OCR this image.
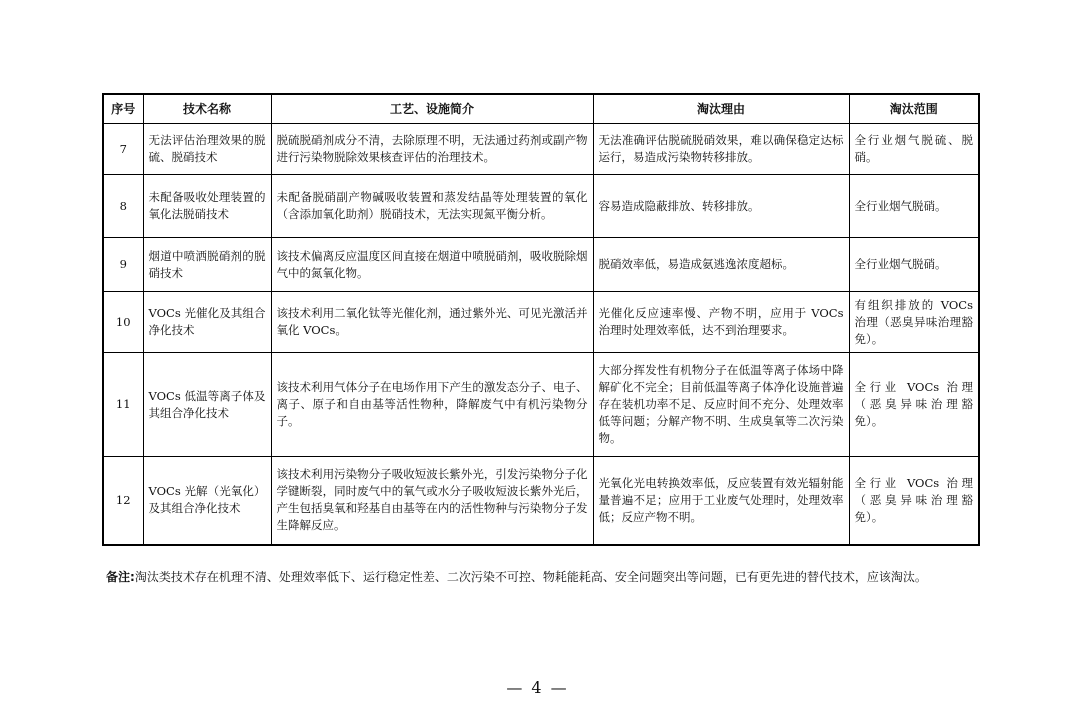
序号	技术名称	工艺、设施简介	淘汰理由	淘汰范围
7	无法评估治理效果的脱硫、脱硝技术	脱硫脱硝剂成分不清，去除原理不明，无法通过药剂或副产物进行污染物脱除效果核查评估的治理技术。	无法准确评估脱硫脱硝效果，难以确保稳定达标运行，易造成污染物转移排放。	全行业烟气脱硫、脱硝。
8	未配备吸收处理装置的氧化法脱硝技术	未配备脱硝副产物碱吸收装置和蒸发结晶等处理装置的氧化（含添加氧化助剂）脱硝技术，无法实现氮平衡分析。	容易造成隐蔽排放、转移排放。	全行业烟气脱硝。
9	烟道中喷洒脱硝剂的脱硝技术	该技术偏离反应温度区间直接在烟道中喷脱硝剂，吸收脱除烟气中的氮氧化物。	脱硝效率低，易造成氨逃逸浓度超标。	全行业烟气脱硝。
10	VOCs 光催化及其组合净化技术	该技术利用二氧化钛等光催化剂，通过紫外光、可见光激活并氧化 VOCs。	光催化反应速率慢、产物不明，应用于 VOCs 治理时处理效率低，达不到治理要求。	有组织排放的 VOCs 治理（恶臭异味治理豁免）。
11	VOCs 低温等离子体及其组合净化技术	该技术利用气体分子在电场作用下产生的激发态分子、电子、离子、原子和自由基等活性物种，降解废气中有机污染物分子。	大部分挥发性有机物分子在低温等离子体场中降解矿化不完全；目前低温等离子体净化设施普遍存在装机功率不足、反应时间不充分、处理效率低等问题；分解产物不明、生成臭氧等二次污染物。	全行业 VOCs 治理（恶臭异味治理豁免）。
12	VOCs 光解（光氧化）及其组合净化技术	该技术利用污染物分子吸收短波长紫外光，引发污染物分子化学键断裂，同时废气中的氧气或水分子吸收短波长紫外光后，产生包括臭氧和羟基自由基等在内的活性物种与污染物分子发生降解反应。	光氧化光电转换效率低，反应装置有效光辐射能量普遍不足；应用于工业废气处理时，处理效率低；反应产物不明。	全行业 VOCs 治理（恶臭异味治理豁免）。
备注:淘汰类技术存在机理不清、处理效率低下、运行稳定性差、二次污染不可控、物耗能耗高、安全问题突出等问题，已有更先进的替代技术，应该淘汰。
— 4 —
